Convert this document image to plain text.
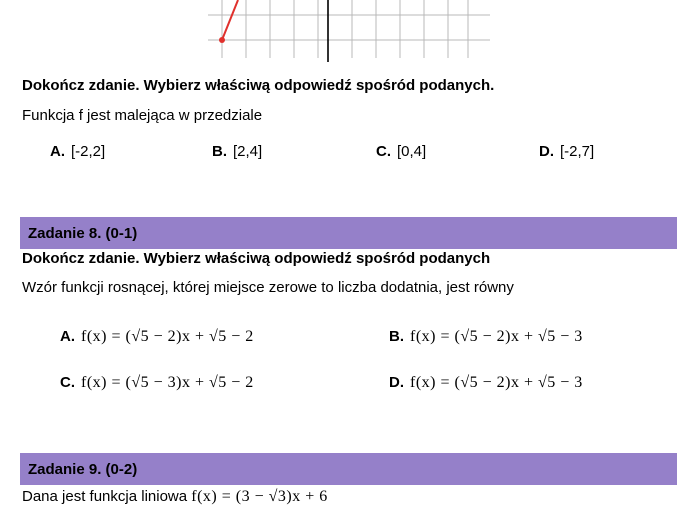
Dokończ zdanie. Wybierz właściwą odpowiedź spośród podanych.
Funkcja f jest malejąca w przedziale
A. [-2,2]	B. [2,4]	C. [0,4]	D. [-2,7]
Zadanie 8. (0-1)
Dokończ zdanie. Wybierz właściwą odpowiedź spośród podanych
Wzór funkcji rosnącej, której miejsce zerowe to liczba dodatnia, jest równy
A. f(x) = (√5 − 2)x + √5 − 2	B. f(x) = (√5 − 2)x + √5 − 3
C. f(x) = (√5 − 3)x + √5 − 2	D. f(x) = (√5 − 2)x + √5 − 3
Zadanie 9. (0-2)
Dana jest funkcja liniowa f(x) = (3 − √3)x + 6
